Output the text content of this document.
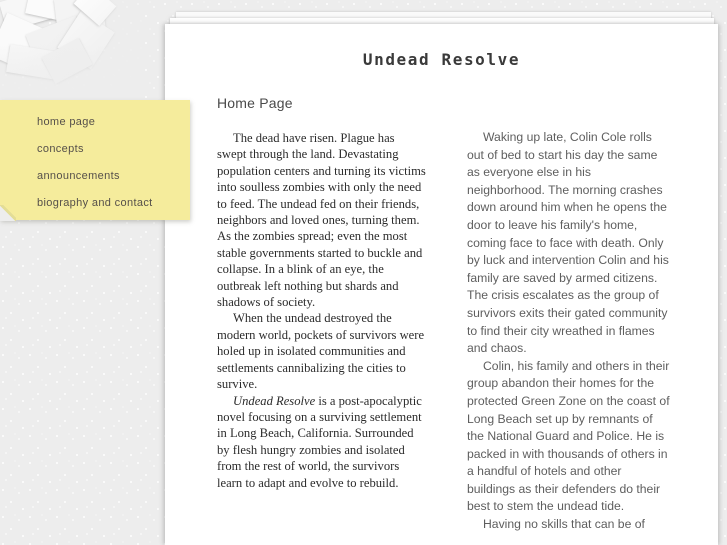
Undead Resolve
home page
concepts
announcements
biography and contact
Home Page

The dead have risen. Plague has swept through the land. Devastating population centers and turning its victims into soulless zombies with only the need to feed. The undead fed on their friends, neighbors and loved ones, turning them. As the zombies spread; even the most stable governments started to buckle and collapse. In a blink of an eye, the outbreak left nothing but shards and shadows of society.

When the undead destroyed the modern world, pockets of survivors were holed up in isolated communities and settlements cannibalizing the cities to survive.

Undead Resolve is a post-apocalyptic novel focusing on a surviving settlement in Long Beach, California. Surrounded by flesh hungry zombies and isolated from the rest of world, the survivors learn to adapt and evolve to rebuild.

Waking up late, Colin Cole rolls out of bed to start his day the same as everyone else in his neighborhood. The morning crashes down around him when he opens the door to leave his family's home, coming face to face with death. Only by luck and intervention Colin and his family are saved by armed citizens. The crisis escalates as the group of survivors exits their gated community to find their city wreathed in flames and chaos.

Colin, his family and others in their group abandon their homes for the protected Green Zone on the coast of Long Beach set up by remnants of the National Guard and Police. He is packed in with thousands of others in a handful of hotels and other buildings as their defenders do their best to stem the undead tide.

Having no skills that can be of
